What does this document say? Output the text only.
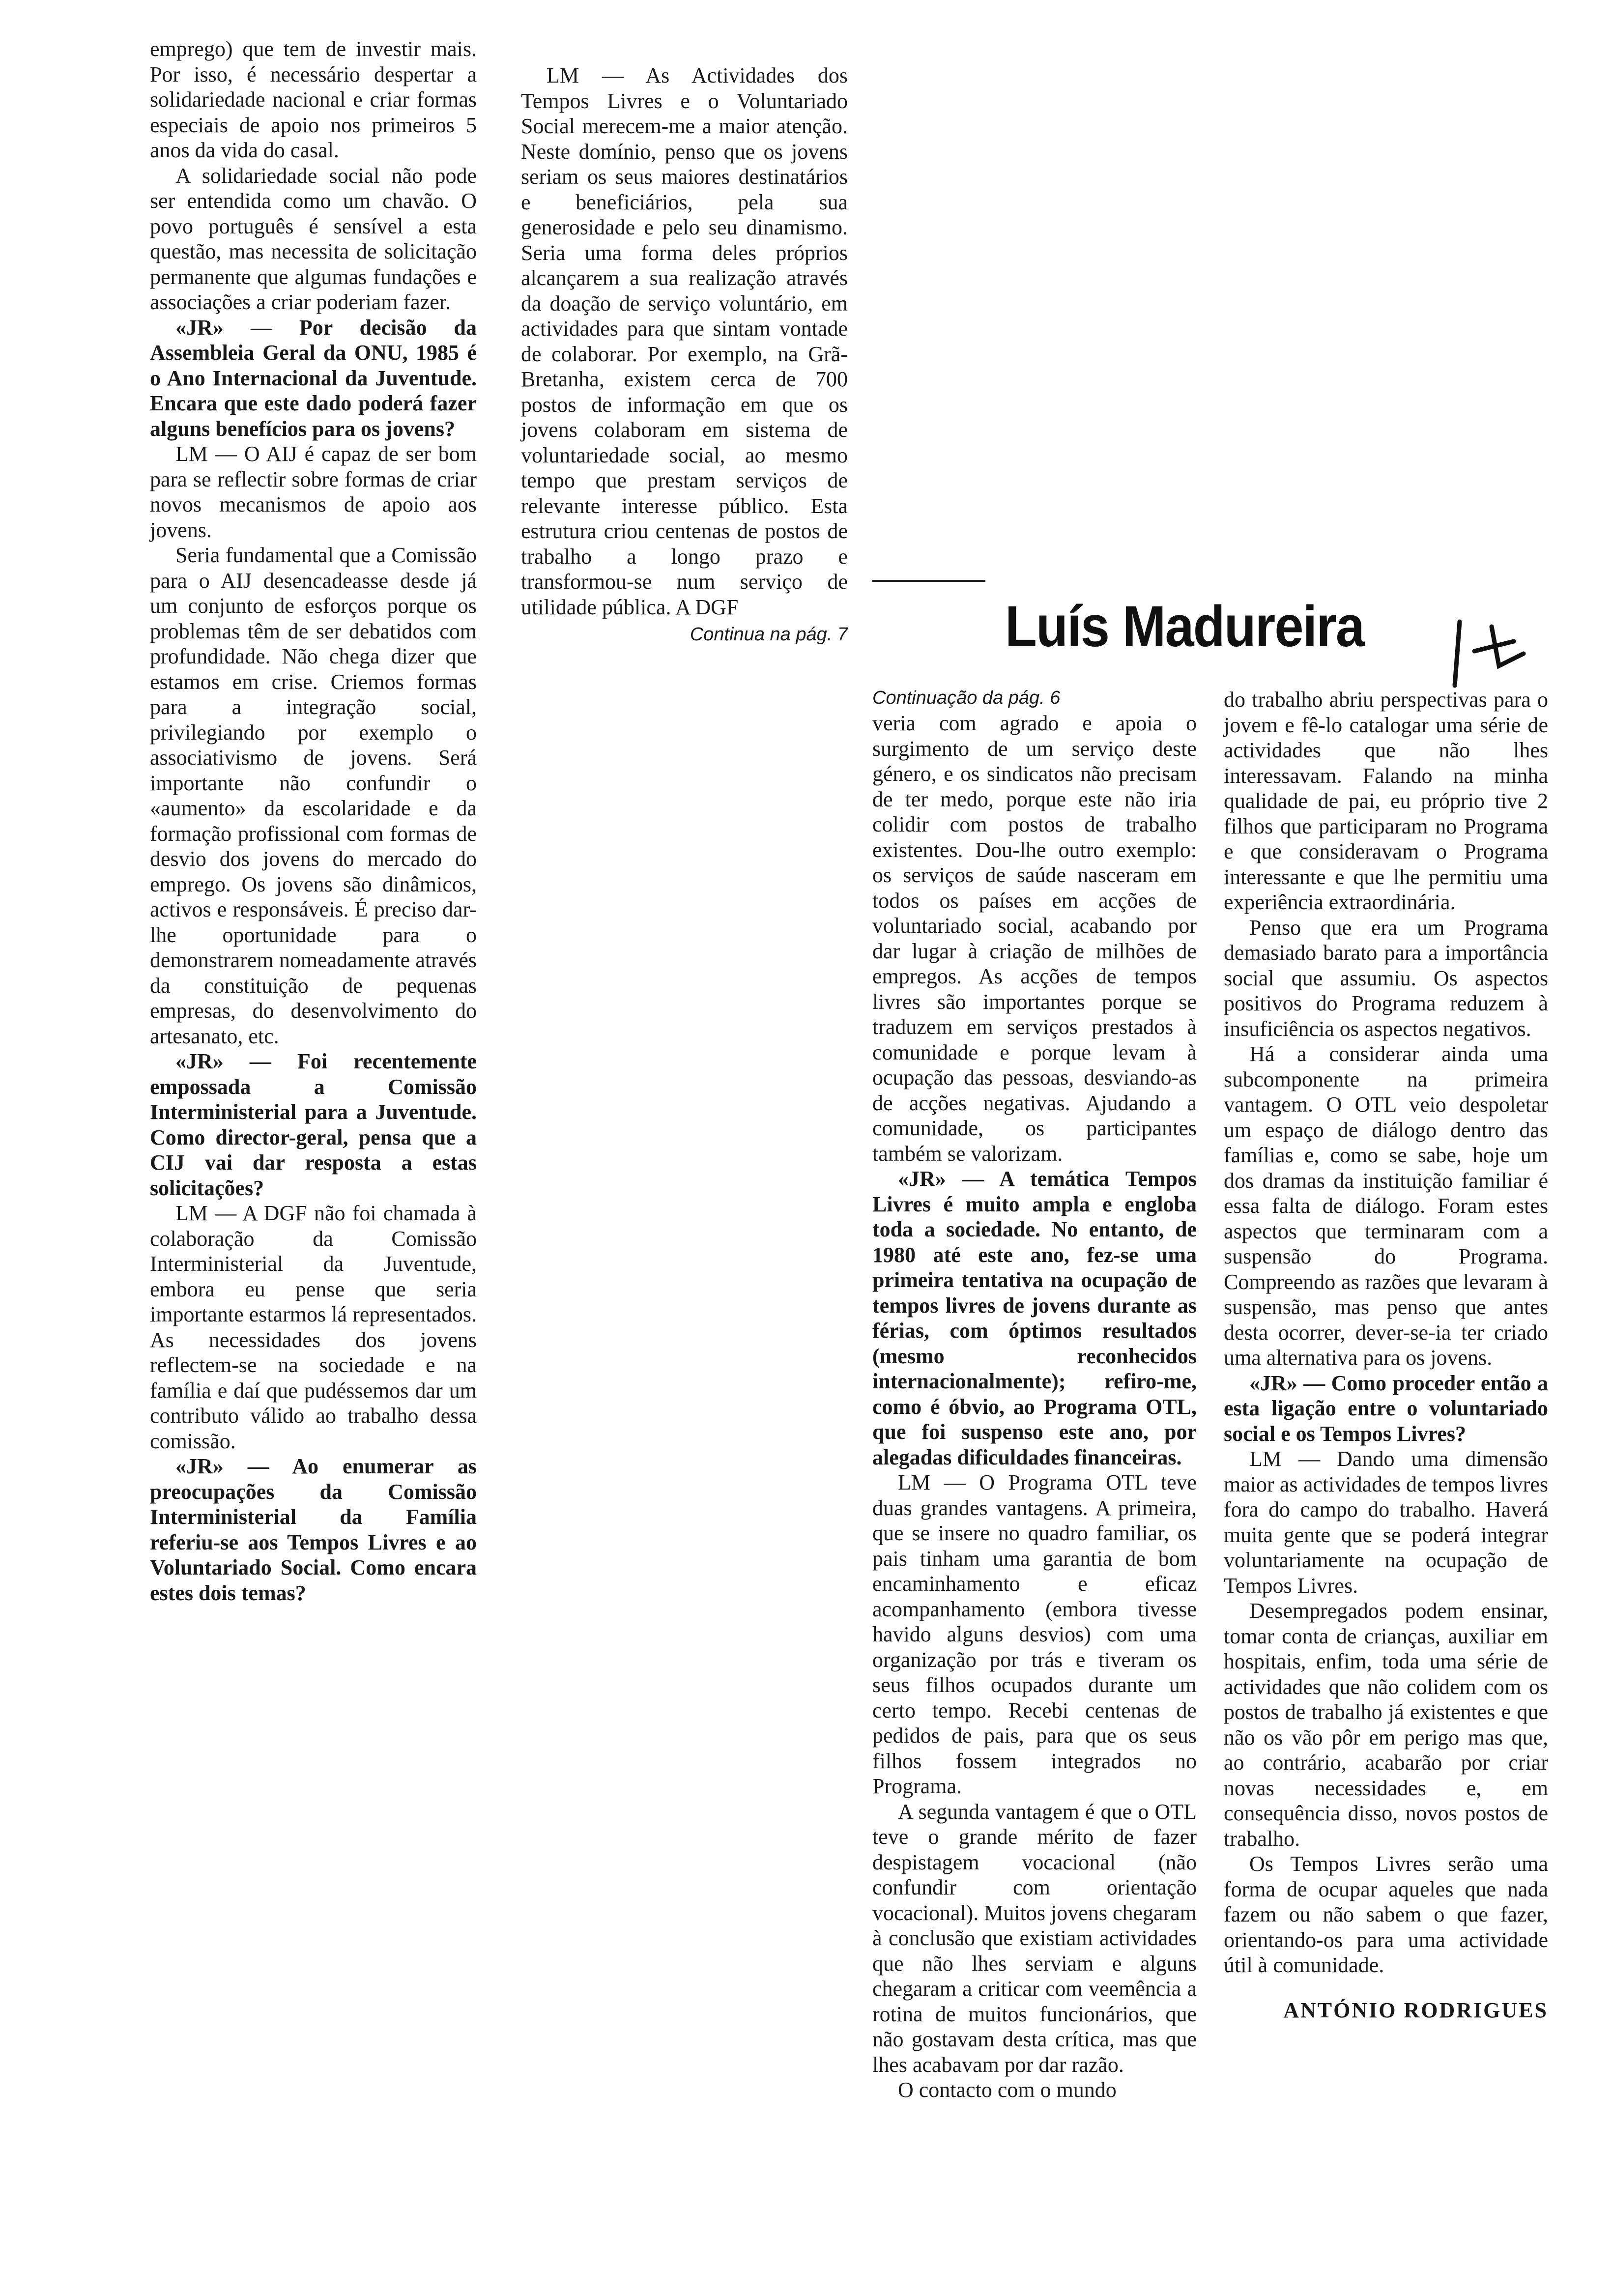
emprego) que tem de investir mais. Por isso, é necessário despertar a solidariedade nacional e criar formas especiais de apoio nos primeiros 5 anos da vida do casal.

A solidariedade social não pode ser entendida como um chavão. O povo português é sensível a esta questão, mas necessita de solicitação permanente que algumas fundações e associações a criar poderiam fazer.

«JR» — Por decisão da Assembleia Geral da ONU, 1985 é o Ano Internacional da Juventude. Encara que este dado poderá fazer alguns benefícios para os jovens?

LM — O AIJ é capaz de ser bom para se reflectir sobre formas de criar novos mecanismos de apoio aos jovens.

Seria fundamental que a Comissão para o AIJ desencadeasse desde já um conjunto de esforços porque os problemas têm de ser debatidos com profundidade. Não chega dizer que estamos em crise. Criemos formas para a integração social, privilegiando por exemplo o associativismo de jovens. Será importante não confundir o «aumento» da escolaridade e da formação profissional com formas de desvio dos jovens do mercado do emprego. Os jovens são dinâmicos, activos e responsáveis. É preciso dar-lhe oportunidade para o demonstrarem nomeadamente através da constituição de pequenas empresas, do desenvolvimento do artesanato, etc.

«JR» — Foi recentemente empossada a Comissão Interministerial para a Juventude. Como director-geral, pensa que a CIJ vai dar resposta a estas solicitações?

LM — A DGF não foi chamada à colaboração da Comissão Interministerial da Juventude, embora eu pense que seria importante estarmos lá representados. As necessidades dos jovens reflectem-se na sociedade e na família e daí que pudéssemos dar um contributo válido ao trabalho dessa comissão.

«JR» — Ao enumerar as preocupações da Comissão Interministerial da Família referiu-se aos Tempos Livres e ao Voluntariado Social. Como encara estes dois temas?

LM — As Actividades dos Tempos Livres e o Voluntariado Social merecem-me a maior atenção. Neste domínio, penso que os jovens seriam os seus maiores destinatários e beneficiários, pela sua generosidade e pelo seu dinamismo. Seria uma forma deles próprios alcançarem a sua realização através da doação de serviço voluntário, em actividades para que sintam vontade de colaborar. Por exemplo, na Grã-Bretanha, existem cerca de 700 postos de informação em que os jovens colaboram em sistema de voluntariedade social, ao mesmo tempo que prestam serviços de relevante interesse público. Esta estrutura criou centenas de postos de trabalho a longo prazo e transformou-se num serviço de utilidade pública. A DGF

Continua na pág. 7	Luís Madureira
Continuação da pág. 6

veria com agrado e apoia o surgimento de um serviço deste género, e os sindicatos não precisam de ter medo, porque este não iria colidir com postos de trabalho existentes. Dou-lhe outro exemplo: os serviços de saúde nasceram em todos os países em acções de voluntariado social, acabando por dar lugar à criação de milhões de empregos. As acções de tempos livres são importantes porque se traduzem em serviços prestados à comunidade e porque levam à ocupação das pessoas, desviando-as de acções negativas. Ajudando a comunidade, os participantes também se valorizam.

«JR» — A temática Tempos Livres é muito ampla e engloba toda a sociedade. No entanto, de 1980 até este ano, fez-se uma primeira tentativa na ocupação de tempos livres de jovens durante as férias, com óptimos resultados (mesmo reconhecidos internacionalmente); refiro-me, como é óbvio, ao Programa OTL, que foi suspenso este ano, por alegadas dificuldades financeiras.

LM — O Programa OTL teve duas grandes vantagens. A primeira, que se insere no quadro familiar, os pais tinham uma garantia de bom encaminhamento e eficaz acompanhamento (embora tivesse havido alguns desvios) com uma organização por trás e tiveram os seus filhos ocupados durante um certo tempo. Recebi centenas de pedidos de pais, para que os seus filhos fossem integrados no Programa.

A segunda vantagem é que o OTL teve o grande mérito de fazer despistagem vocacional (não confundir com orientação vocacional). Muitos jovens chegaram à conclusão que existiam actividades que não lhes serviam e alguns chegaram a criticar com veemência a rotina de muitos funcionários, que não gostavam desta crítica, mas que lhes acabavam por dar razão.

O contacto com o mundo

do trabalho abriu perspectivas para o jovem e fê-lo catalogar uma série de actividades que não lhes interessavam. Falando na minha qualidade de pai, eu próprio tive 2 filhos que participaram no Programa e que consideravam o Programa interessante e que lhe permitiu uma experiência extraordinária.

Penso que era um Programa demasiado barato para a importância social que assumiu. Os aspectos positivos do Programa reduzem à insuficiência os aspectos negativos.

Há a considerar ainda uma subcomponente na primeira vantagem. O OTL veio despoletar um espaço de diálogo dentro das famílias e, como se sabe, hoje um dos dramas da instituição familiar é essa falta de diálogo. Foram estes aspectos que terminaram com a suspensão do Programa. Compreendo as razões que levaram à suspensão, mas penso que antes desta ocorrer, dever-se-ia ter criado uma alternativa para os jovens.

«JR» — Como proceder então a esta ligação entre o voluntariado social e os Tempos Livres?

LM — Dando uma dimensão maior as actividades de tempos livres fora do campo do trabalho. Haverá muita gente que se poderá integrar voluntariamente na ocupação de Tempos Livres.

Desempregados podem ensinar, tomar conta de crianças, auxiliar em hospitais, enfim, toda uma série de actividades que não colidem com os postos de trabalho já existentes e que não os vão pôr em perigo mas que, ao contrário, acabarão por criar novas necessidades e, em consequência disso, novos postos de trabalho.

Os Tempos Livres serão uma forma de ocupar aqueles que nada fazem ou não sabem o que fazer, orientando-os para uma actividade útil à comunidade.

ANTÓNIO RODRIGUES
